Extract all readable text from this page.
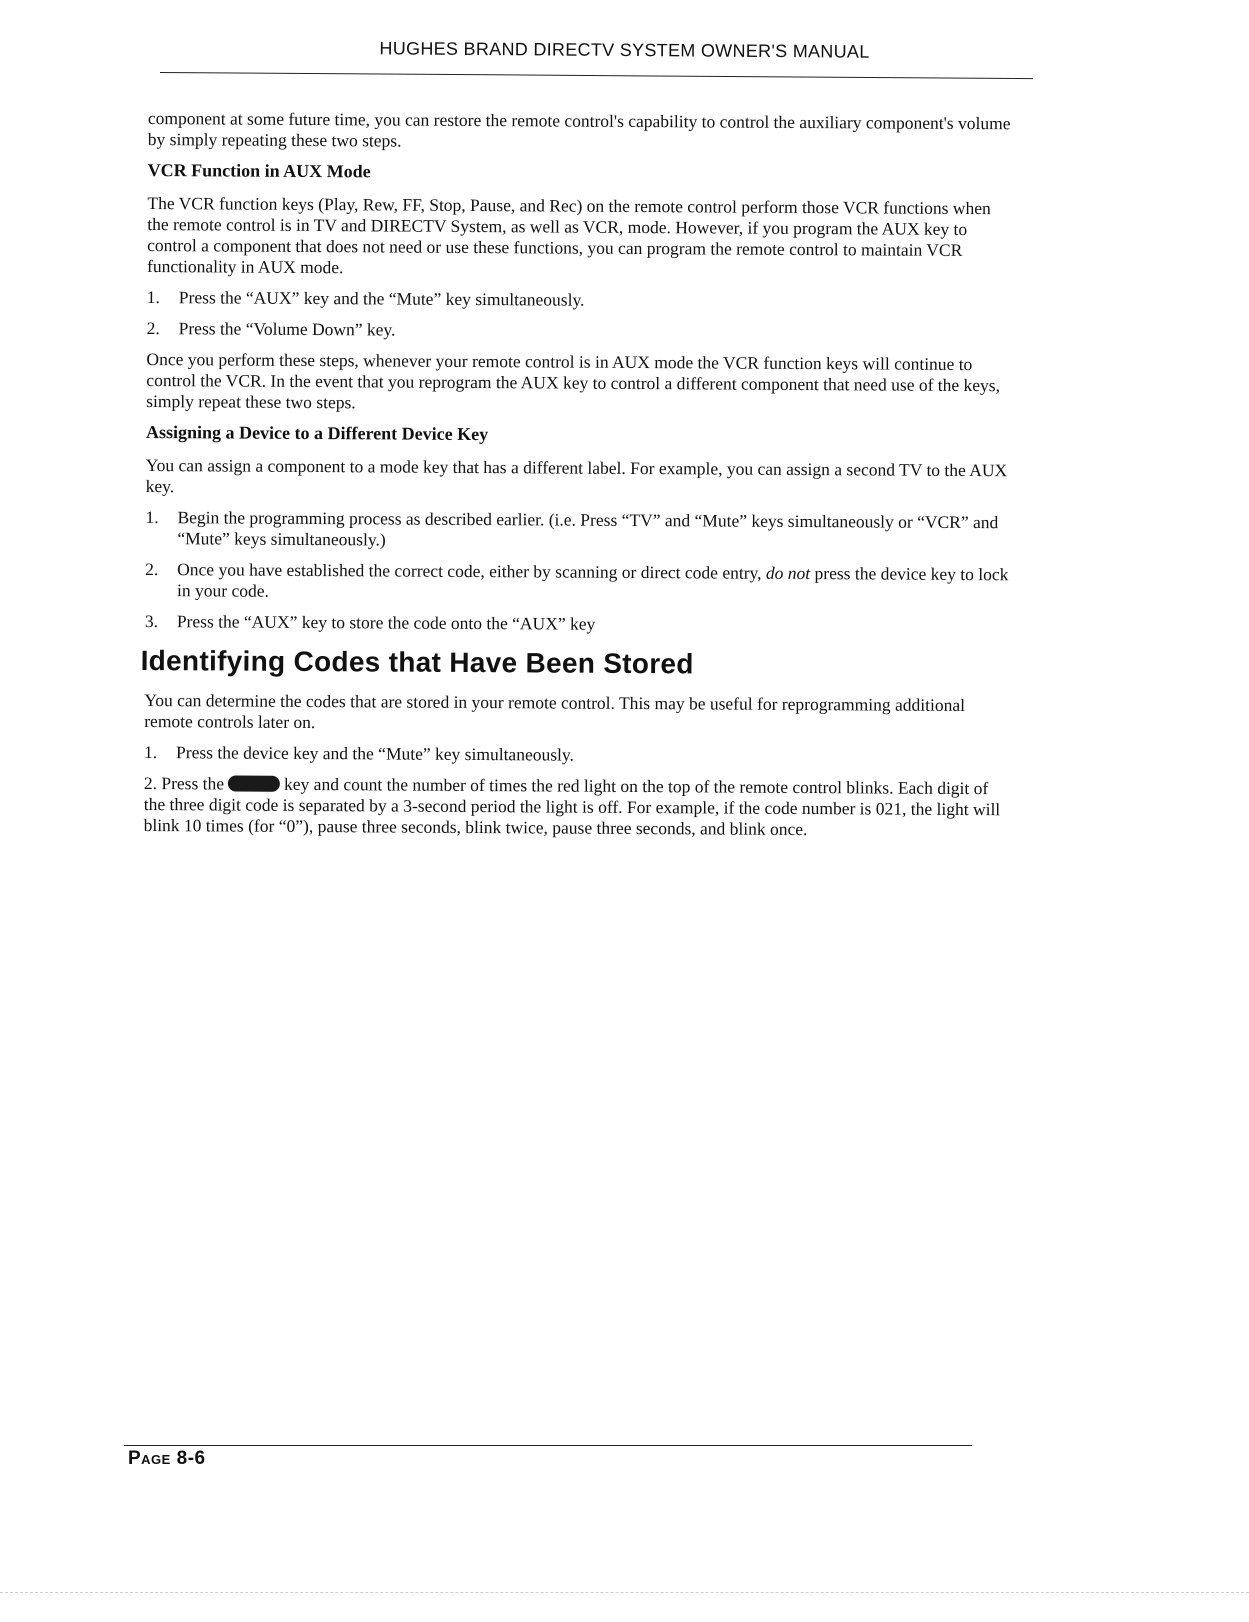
HUGHES BRAND DIRECTV SYSTEM OWNER'S MANUAL

component at some future time, you can restore the remote control's capability to control the auxiliary component's volume by simply repeating these two steps.

VCR Function in AUX Mode

The VCR function keys (Play, Rew, FF, Stop, Pause, and Rec) on the remote control perform those VCR functions when the remote control is in TV and DIRECTV System, as well as VCR, mode. However, if you program the AUX key to control a component that does not need or use these functions, you can program the remote control to maintain VCR functionality in AUX mode.

1.	Press the “AUX” key and the “Mute” key simultaneously.
2.	Press the “Volume Down” key.

Once you perform these steps, whenever your remote control is in AUX mode the VCR function keys will continue to control the VCR. In the event that you reprogram the AUX key to control a different component that need use of the keys, simply repeat these two steps.

Assigning a Device to a Different Device Key

You can assign a component to a mode key that has a different label. For example, you can assign a second TV to the AUX key.

1.	Begin the programming process as described earlier. (i.e. Press “TV” and “Mute” keys simultaneously or “VCR” and “Mute” keys simultaneously.)
2.	Once you have established the correct code, either by scanning or direct code entry, do not press the device key to lock in your code.
3.	Press the “AUX” key to store the code onto the “AUX” key
Identifying Codes that Have Been Stored

You can determine the codes that are stored in your remote control. This may be useful for reprogramming additional remote controls later on.

1.	Press the device key and the “Mute” key simultaneously.

2. Press the	key and count the number of times the red light on the top of the remote control blinks. Each digit of the three digit code is separated by a 3-second period the light is off. For example, if the code number is 021, the light will blink 10 times (for “0”), pause three seconds, blink twice, pause three seconds, and blink once.

Page 8-6
